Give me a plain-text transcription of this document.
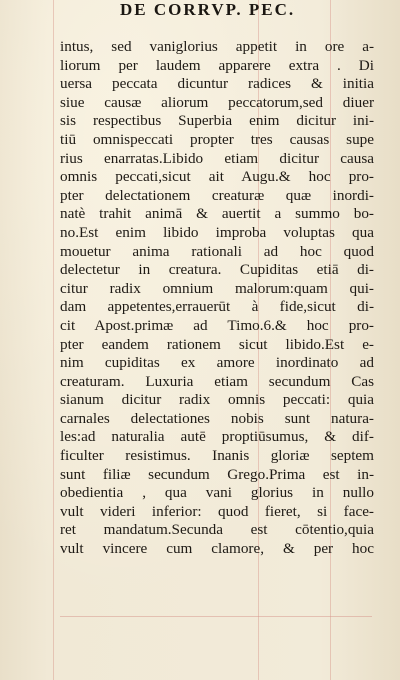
DE CORRVP. PEC.
intus, sed vaniglorius appetit in ore a-
liorum per laudem apparere extra . Di
uersa peccata dicuntur radices & initia
siue causæ aliorum peccatorum,sed diuer
sis respectibus Superbia enim dicitur ini-
tiū omnispeccati propter tres causas supe
rius enarratas.Libido etiam dicitur causa
omnis peccati,sicut ait Augu.& hoc pro-
pter delectationem creaturæ quæ inordi-
natè trahit animā & auertit a summo bo-
no.Est enim libido improba voluptas qua
mouetur anima rationali ad hoc quod
delectetur in creatura. Cupiditas etiā di-
citur radix omnium malorum:quam qui-
dam appetentes,errauerūt à fide,sicut di-
cit Apost.primæ ad Timo.6.& hoc pro-
pter eandem rationem sicut libido.Est e-
nim cupiditas ex amore inordinato ad
creaturam. Luxuria etiam secundum Cas
sianum dicitur radix omnis peccati: quia
carnales delectationes nobis sunt natura-
les:ad naturalia autē proptiūsumus, & dif-
ficulter resistimus. Inanis gloriæ septem
sunt filiæ secundum Grego.Prima est in-
obedientia , qua vani glorius in nullo
vult videri inferior: quod fieret, si face-
ret mandatum.Secunda est cōtentio,quia
vult vincere cum clamore, & per hoc
